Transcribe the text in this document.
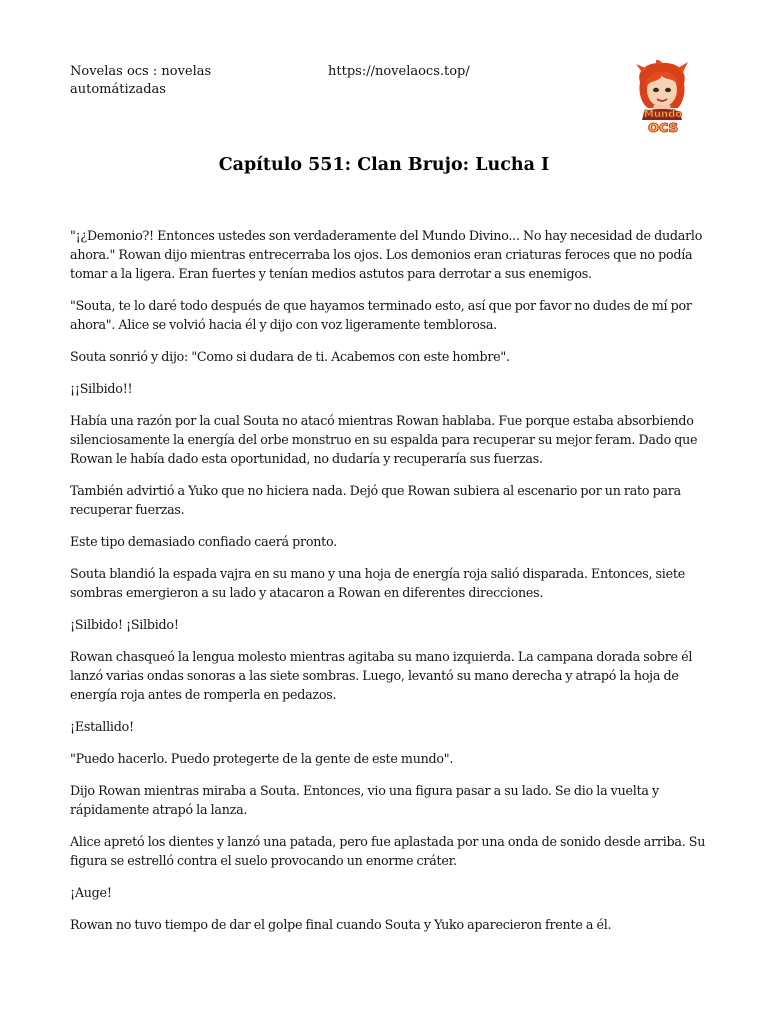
Novelas ocs : novelas
automátizadas
https://novelaocs.top/
Mundo
ocs
Capítulo 551: Clan Brujo: Lucha I

"¡¿Demonio?! Entonces ustedes son verdaderamente del Mundo Divino... No hay necesidad de dudarlo ahora." Rowan dijo mientras entrecerraba los ojos. Los demonios eran criaturas feroces que no podía tomar a la ligera. Eran fuertes y tenían medios astutos para derrotar a sus enemigos.

"Souta, te lo daré todo después de que hayamos terminado esto, así que por favor no dudes de mí por ahora". Alice se volvió hacia él y dijo con voz ligeramente temblorosa.

Souta sonrió y dijo: "Como si dudara de ti. Acabemos con este hombre".

¡¡Silbido!!

Había una razón por la cual Souta no atacó mientras Rowan hablaba. Fue porque estaba absorbiendo silenciosamente la energía del orbe monstruo en su espalda para recuperar su mejor feram. Dado que Rowan le había dado esta oportunidad, no dudaría y recuperaría sus fuerzas.

También advirtió a Yuko que no hiciera nada. Dejó que Rowan subiera al escenario por un rato para recuperar fuerzas.

Este tipo demasiado confiado caerá pronto.

Souta blandió la espada vajra en su mano y una hoja de energía roja salió disparada. Entonces, siete sombras emergieron a su lado y atacaron a Rowan en diferentes direcciones.

¡Silbido! ¡Silbido!

Rowan chasqueó la lengua molesto mientras agitaba su mano izquierda. La campana dorada sobre él lanzó varias ondas sonoras a las siete sombras. Luego, levantó su mano derecha y atrapó la hoja de energía roja antes de romperla en pedazos.

¡Estallido!

"Puedo hacerlo. Puedo protegerte de la gente de este mundo".

Dijo Rowan mientras miraba a Souta. Entonces, vio una figura pasar a su lado. Se dio la vuelta y rápidamente atrapó la lanza.

Alice apretó los dientes y lanzó una patada, pero fue aplastada por una onda de sonido desde arriba. Su figura se estrelló contra el suelo provocando un enorme cráter.

¡Auge!

Rowan no tuvo tiempo de dar el golpe final cuando Souta y Yuko aparecieron frente a él.
